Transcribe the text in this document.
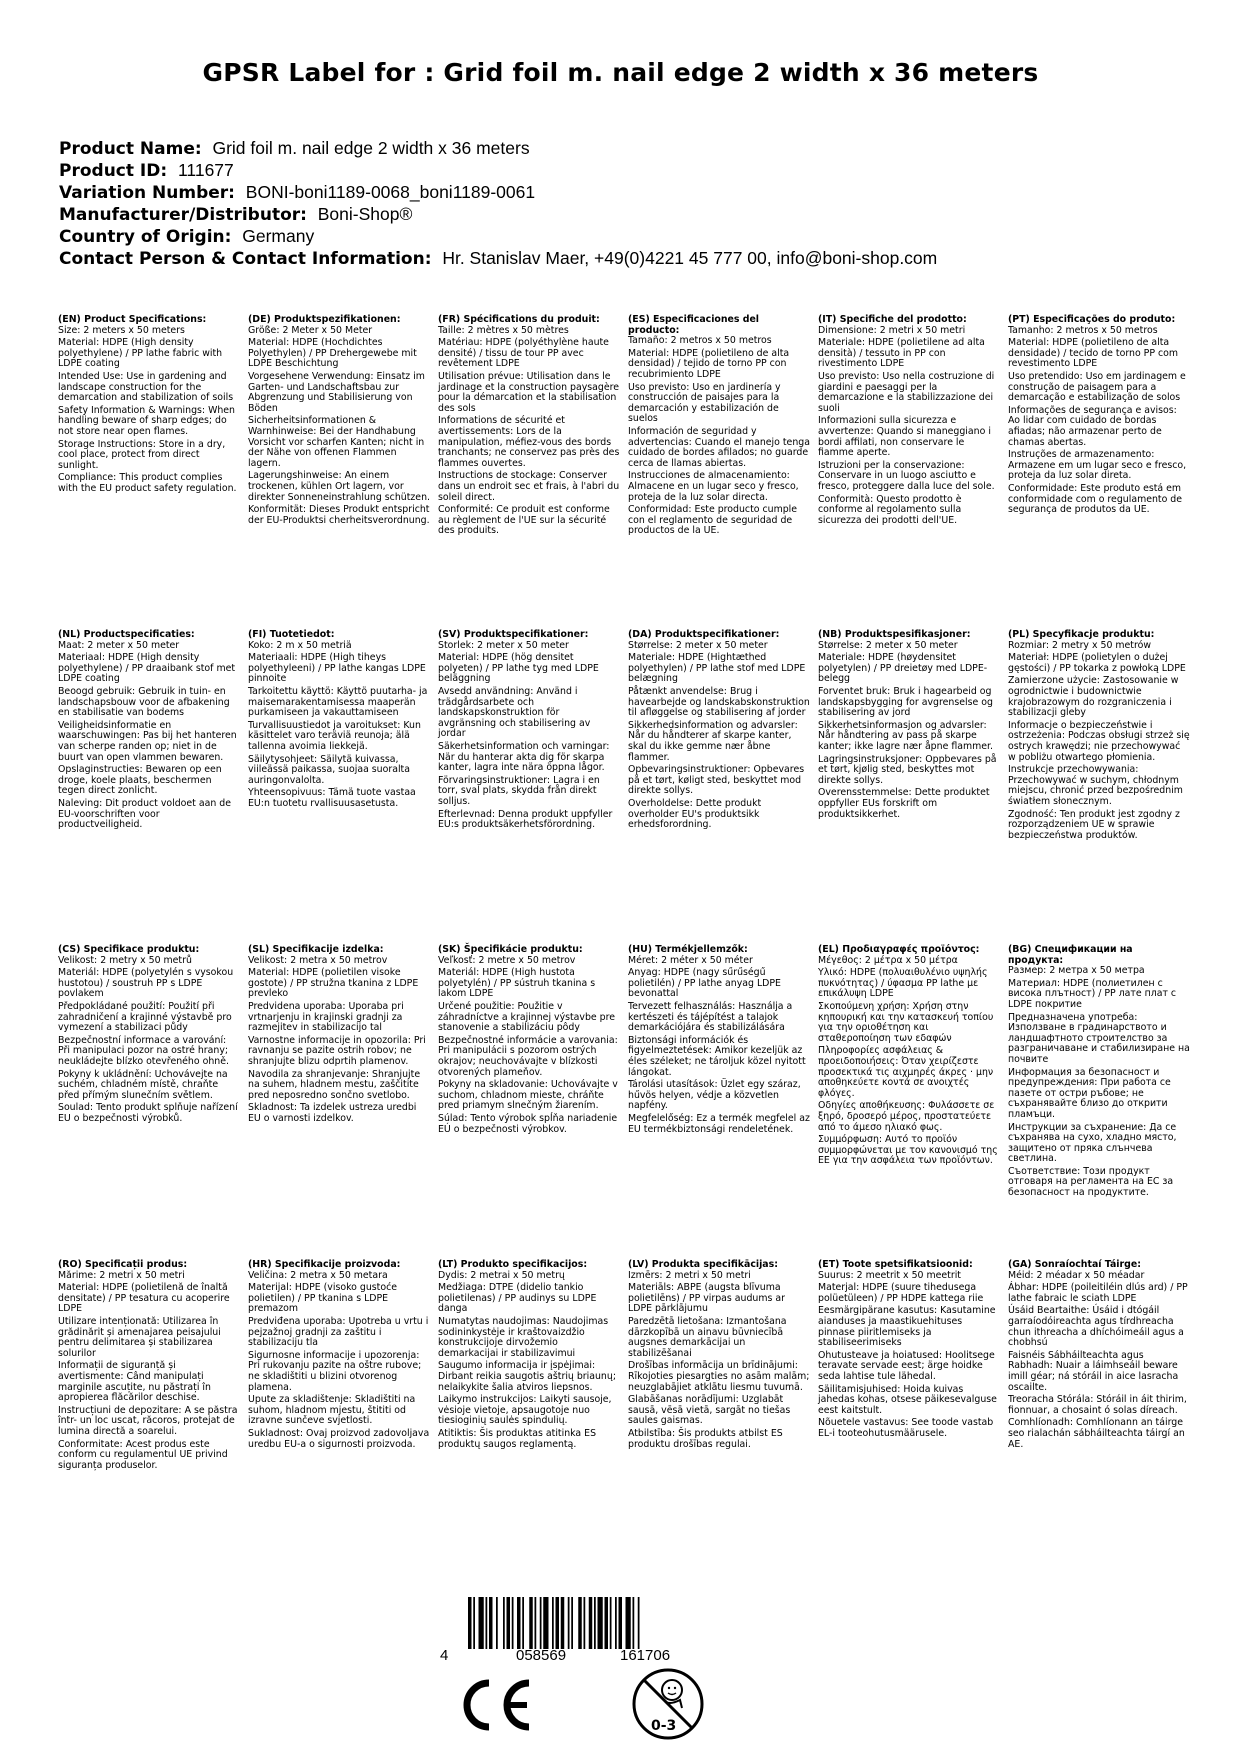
GPSR Label for : Grid foil m. nail edge 2 width x 36 meters
Product Name: Grid foil m. nail edge 2 width x 36 meters
Product ID: 111677
Variation Number: BONI-boni1189-0068_boni1189-0061
Manufacturer/Distributor: Boni-Shop®
Country of Origin: Germany
Contact Person & Contact Information: Hr. Stanislav Maer, +49(0)4221 45 777 00, info@boni-shop.com
(EN) Product Specifications:

Size: 2 meters x 50 meters

Material: HDPE (High density polyethylene) / PP lathe fabric with LDPE coating

Intended Use: Use in gardening and landscape construction for the demarcation and stabilization of soils

Safety Information & Warnings: When handling beware of sharp edges; do not store near open flames.

Storage Instructions: Store in a dry, cool place, protect from direct sunlight.

Compliance: This product complies with the EU product safety regulation.

(DE) Produktspezifikationen:

Größe: 2 Meter x 50 Meter

Material: HDPE (Hochdichtes Polyethylen) / PP Drehergewebe mit LDPE Beschichtung

Vorgesehene Verwendung: Einsatz im Garten- und Landschaftsbau zur Abgrenzung und Stabilisierung von Böden

Sicherheitsinformationen & Warnhinweise: Bei der Handhabung Vorsicht vor scharfen Kanten; nicht in der Nähe von offenen Flammen lagern.

Lagerungshinweise: An einem trockenen, kühlen Ort lagern, vor direkter Sonneneinstrahlung schützen.

Konformität: Dieses Produkt entspricht der EU-Produktsi cherheitsverordnung.

(FR) Spécifications du produit:

Taille: 2 mètres x 50 mètres

Matériau: HDPE (polyéthylène haute densité) / tissu de tour PP avec revêtement LDPE

Utilisation prévue: Utilisation dans le jardinage et la construction paysagère pour la démarcation et la stabilisation des sols

Informations de sécurité et avertissements: Lors de la manipulation, méfiez-vous des bords tranchants; ne conservez pas près des flammes ouvertes.

Instructions de stockage: Conserver dans un endroit sec et frais, à l'abri du soleil direct.

Conformité: Ce produit est conforme au règlement de l'UE sur la sécurité des produits.

(ES) Especificaciones del producto:

Tamaño: 2 metros x 50 metros

Material: HDPE (polietileno de alta densidad) / tejido de torno PP con recubrimiento LDPE

Uso previsto: Uso en jardinería y construcción de paisajes para la demarcación y estabilización de suelos

Información de seguridad y advertencias: Cuando el manejo tenga cuidado de bordes afilados; no guarde cerca de llamas abiertas.

Instrucciones de almacenamiento: Almacene en un lugar seco y fresco, proteja de la luz solar directa.

Conformidad: Este producto cumple con el reglamento de seguridad de productos de la UE.

(IT) Specifiche del prodotto:

Dimensione: 2 metri x 50 metri

Materiale: HDPE (polietilene ad alta densità) / tessuto in PP con rivestimento LDPE

Uso previsto: Uso nella costruzione di giardini e paesaggi per la demarcazione e la stabilizzazione dei suoli

Informazioni sulla sicurezza e avvertenze: Quando si maneggiano i bordi affilati, non conservare le fiamme aperte.

Istruzioni per la conservazione: Conservare in un luogo asciutto e fresco, proteggere dalla luce del sole.

Conformità: Questo prodotto è conforme al regolamento sulla sicurezza dei prodotti dell'UE.

(PT) Especificações do produto:

Tamanho: 2 metros x 50 metros

Material: HDPE (polietileno de alta densidade) / tecido de torno PP com revestimento LDPE

Uso pretendido: Uso em jardinagem e construção de paisagem para a demarcação e estabilização de solos

Informações de segurança e avisos: Ao lidar com cuidado de bordas afiadas; não armazenar perto de chamas abertas.

Instruções de armazenamento: Armazene em um lugar seco e fresco, proteja da luz solar direta.

Conformidade: Este produto está em conformidade com o regulamento de segurança de produtos da UE.

(NL) Productspecificaties:

Maat: 2 meter x 50 meter

Materiaal: HDPE (High density polyethylene) / PP draaibank stof met LDPE coating

Beoogd gebruik: Gebruik in tuin- en landschapsbouw voor de afbakening en stabilisatie van bodems

Veiligheidsinformatie en waarschuwingen: Pas bij het hanteren van scherpe randen op; niet in de buurt van open vlammen bewaren.

Opslaginstructies: Bewaren op een droge, koele plaats, beschermen tegen direct zonlicht.

Naleving: Dit product voldoet aan de EU-voorschriften voor productveiligheid.

(FI) Tuotetiedot:

Koko: 2 m x 50 metriä

Materiaali: HDPE (High tiheys polyethyleeni) / PP lathe kangas LDPE pinnoite

Tarkoitettu käyttö: Käyttö puutarha- ja maisemarakentamisessa maaperän purkamiseen ja vakauttamiseen

Turvallisuustiedot ja varoitukset: Kun käsittelet varo teräviä reunoja; älä tallenna avoimia liekkejä.

Säilytysohjeet: Säilytä kuivassa, viileässä paikassa, suojaa suoralta auringonvalolta.

Yhteensopivuus: Tämä tuote vastaa EU:n tuotetu rvallisuusasetusta.

(SV) Produktspecifikationer:

Storlek: 2 meter x 50 meter

Material: HDPE (hög densitet polyeten) / PP lathe tyg med LDPE beläggning

Avsedd användning: Använd i trädgårdsarbete och landskapskonstruktion för avgränsning och stabilisering av jordar

Säkerhetsinformation och varningar: När du hanterar akta dig för skarpa kanter, lagra inte nära öppna lågor.

Förvaringsinstruktioner: Lagra i en torr, sval plats, skydda från direkt solljus.

Efterlevnad: Denna produkt uppfyller EU:s produktsäkerhetsförordning.

(DA) Produktspecifikationer:

Størrelse: 2 meter x 50 meter

Materiale: HDPE (Hightæthed polyethylen) / PP lathe stof med LDPE belægning

Påtænkt anvendelse: Brug i havearbejde og landskabskonstruktion til afløggelse og stabilisering af jorder

Sikkerhedsinformation og advarsler: Når du håndterer af skarpe kanter, skal du ikke gemme nær åbne flammer.

Opbevaringsinstruktioner: Opbevares på et tørt, køligt sted, beskyttet mod direkte sollys.

Overholdelse: Dette produkt overholder EU's produktsikk erhedsforordning.

(NB) Produktspesifikasjoner:

Størrelse: 2 meter x 50 meter

Materiale: HDPE (høydensitet polyetylen) / PP dreietøy med LDPE-belegg

Forventet bruk: Bruk i hagearbeid og landskapsbygging for avgrenselse og stabilisering av jord

Sikkerhetsinformasjon og advarsler: Når håndtering av pass på skarpe kanter; ikke lagre nær åpne flammer.

Lagringsinstruksjoner: Oppbevares på et tørt, kjølig sted, beskyttes mot direkte sollys.

Overensstemmelse: Dette produktet oppfyller EUs forskrift om produktsikkerhet.

(PL) Specyfikacje produktu:

Rozmiar: 2 metry x 50 metrów

Materiał: HDPE (polietylen o dużej gęstości) / PP tokarka z powłoką LDPE

Zamierzone użycie: Zastosowanie w ogrodnictwie i budownictwie krajobrazowym do rozgraniczenia i stabilizacji gleby

Informacje o bezpieczeństwie i ostrzeżenia: Podczas obsługi strzeż się ostrych krawędzi; nie przechowywać w pobliżu otwartego płomienia.

Instrukcje przechowywania: Przechowywać w suchym, chłodnym miejscu, chronić przed bezpośrednim światłem słonecznym.

Zgodność: Ten produkt jest zgodny z rozporządzeniem UE w sprawie bezpieczeństwa produktów.

(CS) Specifikace produktu:

Velikost: 2 metry x 50 metrů

Materiál: HDPE (polyetylén s vysokou hustotou) / soustruh PP s LDPE povlakem

Předpokládané použití: Použití při zahradničení a krajinné výstavbě pro vymezení a stabilizaci půdy

Bezpečnostní informace a varování: Při manipulaci pozor na ostré hrany; neukládejte blízko otevřeného ohně.

Pokyny k ukládnění: Uchovávejte na suchém, chladném místě, chraňte před přímým slunečním světlem.

Soulad: Tento produkt splňuje nařízení EU o bezpečnosti výrobků.

(SL) Specifikacije izdelka:

Velikost: 2 metra x 50 metrov

Material: HDPE (polietilen visoke gostote) / PP stružna tkanina z LDPE prevleko

Predvidena uporaba: Uporaba pri vrtnarjenju in krajinski gradnji za razmejitev in stabilizacijo tal

Varnostne informacije in opozorila: Pri ravnanju se pazite ostrih robov; ne shranjujte blizu odprtih plamenov.

Navodila za shranjevanje: Shranjujte na suhem, hladnem mestu, zaščitite pred neposredno sončno svetlobo.

Skladnost: Ta izdelek ustreza uredbi EU o varnosti izdelkov.

(SK) Špecifikácie produktu:

Veľkosť: 2 metre x 50 metrov

Materiál: HDPE (High hustota polyetylén) / PP sústruh tkanina s lakom LDPE

Určené použitie: Použitie v záhradníctve a krajinnej výstavbe pre stanovenie a stabilizáciu pôdy

Bezpečnostné informácie a varovania: Pri manipulácii s pozorom ostrých okrajov; neuchovávajte v blízkosti otvorených plameňov.

Pokyny na skladovanie: Uchovávajte v suchom, chladnom mieste, chráňte pred priamym slnečným žiarením.

Súlad: Tento výrobok spĺňa nariadenie EÚ o bezpečnosti výrobkov.

(HU) Termékjellemzők:

Méret: 2 méter x 50 méter

Anyag: HDPE (nagy sűrűségű polietilén) / PP lathe anyag LDPE bevonattal

Tervezett felhasználás: Használja a kertészeti és tájépítést a talajok demarkációjára és stabilizálására

Biztonsági információk és figyelmeztetések: Amikor kezeljük az éles széleket; ne tároljuk közel nyitott lángokat.

Tárolási utasítások: Üzlet egy száraz, hűvös helyen, védje a közvetlen napfény.

Megfelelőség: Ez a termék megfelel az EU termékbiztonsági rendeletének.

(EL) Προδιαγραφές προϊόντος:

Μέγεθος: 2 μέτρα x 50 μέτρα

Υλικό: HDPE (πολυαιθυλένιο υψηλής πυκνότητας) / ύφασμα PP lathe με επικάλυψη LDPE

Σκοπούμενη χρήση: Χρήση στην κηπουρική και την κατασκευή τοπίου για την οριοθέτηση και σταθεροποίηση των εδαφών

Πληροφορίες ασφάλειας & προειδοποιήσεις: Όταν χειρίζεστε προσεκτικά τις αιχμηρές άκρες · μην αποθηκεύετε κοντά σε ανοιχτές φλόγες.

Οδηγίες αποθήκευσης: Φυλάσσετε σε ξηρό, δροσερό μέρος, προστατεύετε από το άμεσο ηλιακό φως.

Συμμόρφωση: Αυτό το προϊόν συμμορφώνεται με τον κανονισμό της ΕΕ για την ασφάλεια των προϊόντων.

(BG) Спецификации на продукта:

Размер: 2 метра x 50 метра

Материал: HDPE (полиетилен с висока плътност) / PP лате плат с LDPE покритие

Предназначена употреба: Използване в градинарството и ландшафтното строителство за разграничаване и стабилизиране на почвите

Информация за безопасност и предупреждения: При работа се пазете от остри ръбове; не съхранявайте близо до открити пламъци.

Инструкции за съхранение: Да се съхранява на сухо, хладно място, защитено от пряка слънчева светлина.

Съответствие: Този продукт отговаря на регламента на ЕС за безопасност на продуктите.

(RO) Specificații produs:

Mărime: 2 metri x 50 metri

Material: HDPE (polietilenă de înaltă densitate) / PP tesatura cu acoperire LDPE

Utilizare intenționată: Utilizarea în grădinărit și amenajarea peisajului pentru delimitarea și stabilizarea solurilor

Informații de siguranță și avertismente: Când manipulați marginile ascuțite, nu păstrați în apropierea flăcărilor deschise.

Instrucțiuni de depozitare: A se păstra într- un loc uscat, răcoros, protejat de lumina directă a soarelui.

Conformitate: Acest produs este conform cu regulamentul UE privind siguranța produselor.

(HR) Specifikacije proizvoda:

Veličina: 2 metra x 50 metara

Materijal: HDPE (visoko gustoće polietilen) / PP tkanina s LDPE premazom

Predviđena uporaba: Upotreba u vrtu i pejzažnoj gradnji za zaštitu i stabilizaciju tla

Sigurnosne informacije i upozorenja: Pri rukovanju pazite na oštre rubove; ne skladištiti u blizini otvorenog plamena.

Upute za skladištenje: Skladištiti na suhom, hladnom mjestu, štititi od izravne sunčeve svjetlosti.

Sukladnost: Ovaj proizvod zadovoljava uredbu EU-a o sigurnosti proizvoda.

(LT) Produkto specifikacijos:

Dydis: 2 metrai x 50 metrų

Medžiaga: DTPE (didelio tankio polietilenas) / PP audinys su LDPE danga

Numatytas naudojimas: Naudojimas sodininkystėje ir kraštovaizdžio konstrukcijoje dirvožemio demarkacijai ir stabilizavimui

Saugumo informacija ir įspėjimai: Dirbant reikia saugotis aštrių briaunų; nelaikykite šalia atviros liepsnos.

Laikymo instrukcijos: Laikyti sausoje, vėsioje vietoje, apsaugotoje nuo tiesioginių saulės spindulių.

Atitiktis: Šis produktas atitinka ES produktų saugos reglamentą.

(LV) Produkta specifikācijas:

Izmērs: 2 metri x 50 metri

Materiāls: ABPE (augsta blīvuma polietilēns) / PP virpas audums ar LDPE pārklājumu

Paredzētā lietošana: Izmantošana dārzkopībā un ainavu būvniecībā augsnes demarkācijai un stabilizēšanai

Drošības informācija un brīdinājumi: Rīkojoties piesargties no asām malām; neuzglabājiet atklātu liesmu tuvumā.

Glabāšanas norādījumi: Uzglabāt sausā, vēsā vietā, sargāt no tiešas saules gaismas.

Atbilstība: Šis produkts atbilst ES produktu drošības regulai.

(ET) Toote spetsifikatsioonid:

Suurus: 2 meetrit x 50 meetrit

Materjal: HDPE (suure tihedusega polüetüleen) / PP HDPE kattega riie

Eesmärgipärane kasutus: Kasutamine aianduses ja maastikuehituses pinnase piiritlemiseks ja stabiliseerimiseks

Ohutusteave ja hoiatused: Hoolitsege teravate servade eest; ärge hoidke seda lahtise tule lähedal.

Säilitamisjuhised: Hoida kuivas jahedas kohas, otsese päikesevalguse eest kaitstult.

Nõuetele vastavus: See toode vastab EL-i tooteohutusmäärusele.

(GA) Sonraíochtaí Táirge:

Méid: 2 méadar x 50 méadar

Ábhar: HDPE (poileitiléin dlús ard) / PP lathe fabraic le sciath LDPE

Úsáid Beartaithe: Úsáid i dtógáil garraíodóireachta agus tírdhreacha chun ithreacha a dhíchóimeáil agus a chobhsú

Faisnéis Sábháilteachta agus Rabhadh: Nuair a láimhseáil beware imill géar; ná stóráil in aice lasracha oscailte.

Treoracha Stórála: Stóráil in áit thirim, fionnuar, a chosaint ó solas díreach.

Comhlíonadh: Comhlíonann an táirge seo rialachán sábháilteachta táirgí an AE.

4	058569	161706
0-3
